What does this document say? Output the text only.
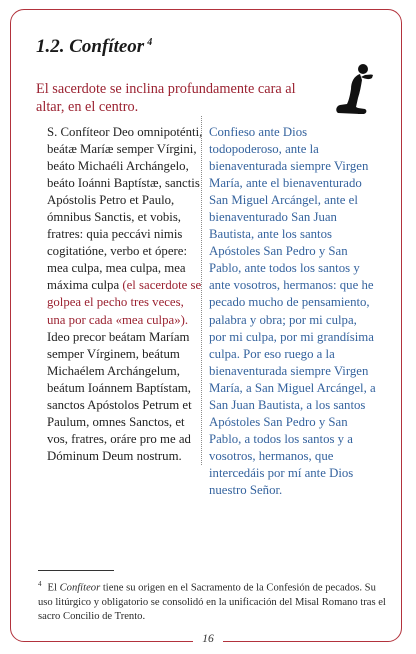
1.2. Confíteor $^4$
El sacerdote se inclina profundamente cara al altar, en el centro.
S. Confíteor Deo omnipoténti, beátæ Maríæ semper Vírgini, beáto Michaéli Archángelo, beáto Ioánni Baptístæ, sanctis Apóstolis Petro et Paulo, ómnibus Sanctis, et vobis, fratres: quia peccávi nimis cogitatióne, verbo et ópere: mea culpa, mea culpa, mea máxima culpa (el sacerdote se golpea el pecho tres veces, una por cada «mea culpa»). Ideo precor beátam Maríam semper Vírginem, beátum Michaélem Archángelum, beátum Ioánnem Baptístam, sanctos Apóstolos Petrum et Paulum, omnes Sanctos, et vos, fratres, oráre pro me ad Dóminum Deum nostrum.
Confieso ante Dios todopoderoso, ante la bienaventurada siempre Virgen María, ante el bienaventurado San Miguel Arcángel, ante el bienaventurado San Juan Bautista, ante los santos Apóstoles San Pedro y San Pablo, ante todos los santos y ante vosotros, hermanos: que he pecado mucho de pensamiento, palabra y obra; por mi culpa, por mi culpa, por mi grandísima culpa. Por eso ruego a la bienaventurada siempre Virgen María, a San Miguel Arcángel, a San Juan Bautista, a los santos Apóstoles San Pedro y San Pablo, a todos los santos y a vosotros, hermanos, que intercedáis por mí ante Dios nuestro Señor.
$^4$ El Confíteor tiene su origen en el Sacramento de la Confesión de pecados. Su uso litúrgico y obligatorio se consolidó en la unificación del Misal Romano tras el sacro Concilio de Trento.
16
